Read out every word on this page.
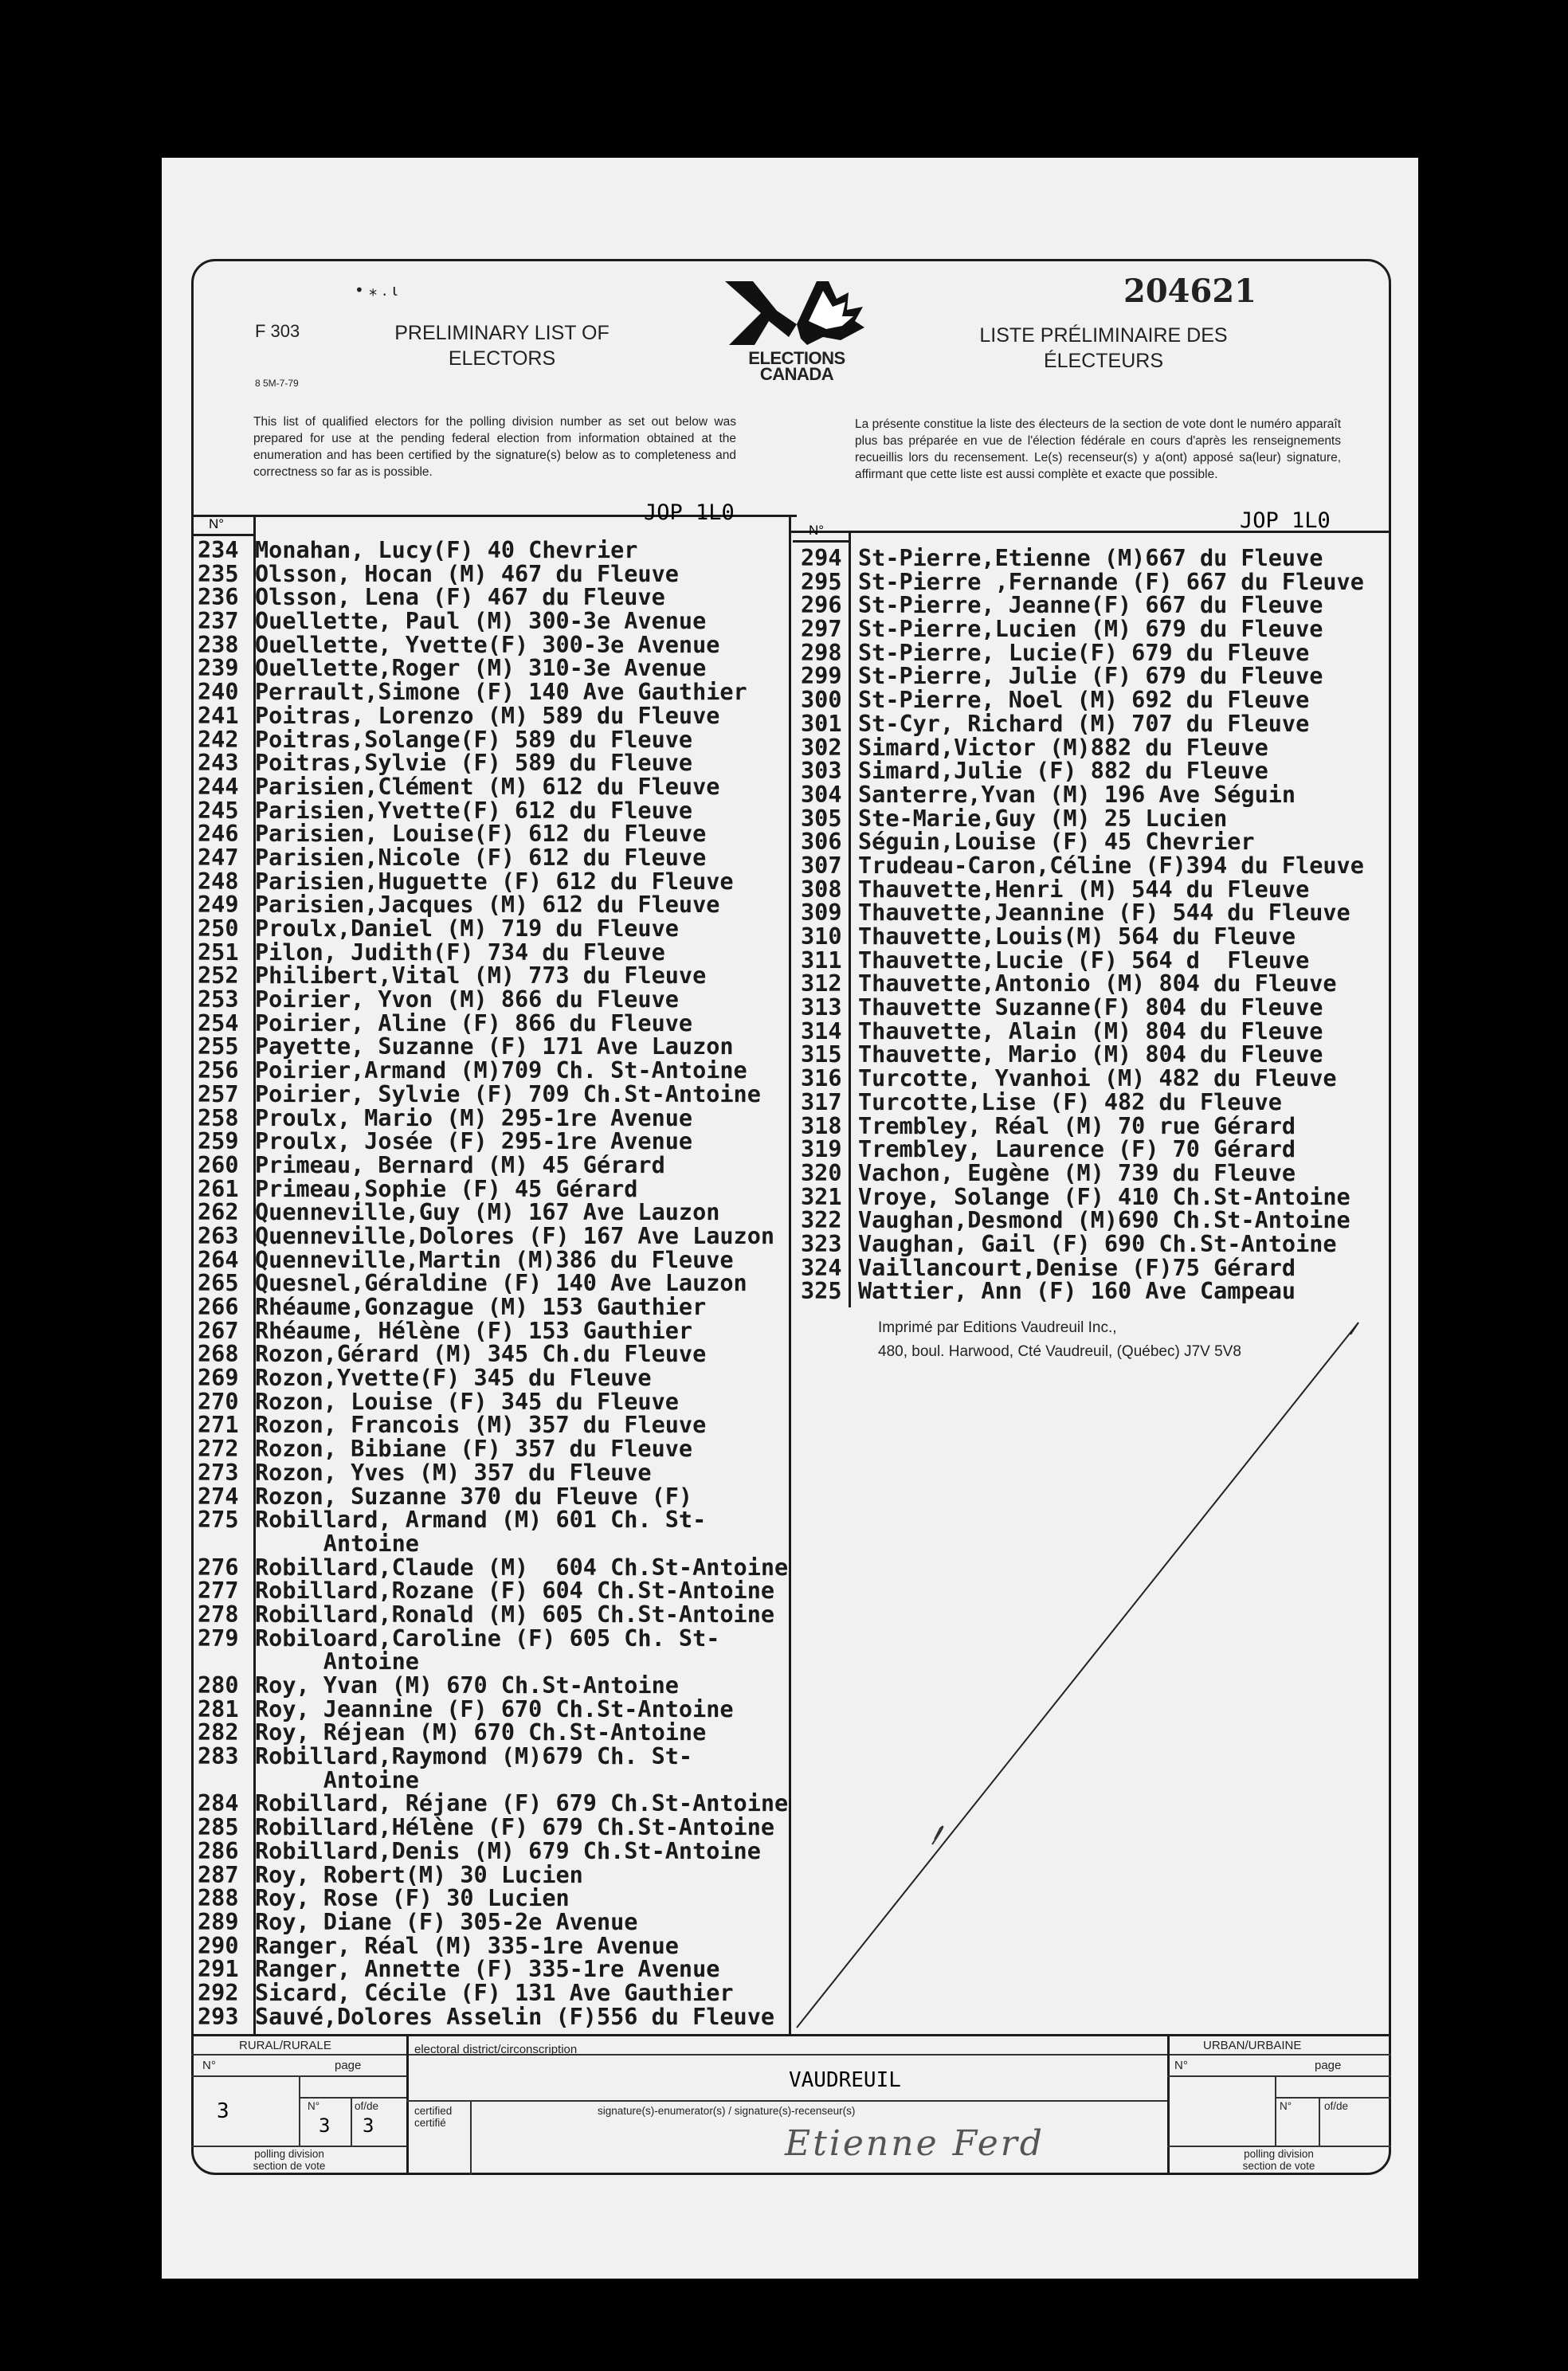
• ⁎ . ɩ	204621
F 303
8 5M-7-79
PRELIMINARY LIST OF ELECTORS
LISTE PRÉLIMINAIRE DES ÉLECTEURS
ELECTIONS CANADA
This list of qualified electors for the polling division number as set out below was prepared for use at the pending federal election from information obtained at the enumeration and has been certified by the signature(s) below as to completeness and correctness so far as is possible.
La présente constitue la liste des électeurs de la section de vote dont le numéro apparaît plus bas préparée en vue de l'élection fédérale en cours d'après les renseignements recueillis lors du recensement. Le(s) recenseur(s) y a(ont) apposé sa(leur) signature, affirmant que cette liste est aussi complète et exacte que possible.
N°	N°
JOP 1L0	JOP 1L0
234 Monahan, Lucy(F) 40 Chevrier
235 Olsson, Hocan (M) 467 du Fleuve
236 Olsson, Lena (F) 467 du Fleuve
237 Ouellette, Paul (M) 300-3e Avenue
238 Ouellette, Yvette(F) 300-3e Avenue
239 Ouellette,Roger (M) 310-3e Avenue
240 Perrault,Simone (F) 140 Ave Gauthier
241 Poitras, Lorenzo (M) 589 du Fleuve
242 Poitras,Solange(F) 589 du Fleuve
243 Poitras,Sylvie (F) 589 du Fleuve
244 Parisien,Clément (M) 612 du Fleuve
245 Parisien,Yvette(F) 612 du Fleuve
246 Parisien, Louise(F) 612 du Fleuve
247 Parisien,Nicole (F) 612 du Fleuve
248 Parisien,Huguette (F) 612 du Fleuve
249 Parisien,Jacques (M) 612 du Fleuve
250 Proulx,Daniel (M) 719 du Fleuve
251 Pilon, Judith(F) 734 du Fleuve
252 Philibert,Vital (M) 773 du Fleuve
253 Poirier, Yvon (M) 866 du Fleuve
254 Poirier, Aline (F) 866 du Fleuve
255 Payette, Suzanne (F) 171 Ave Lauzon
256 Poirier,Armand (M)709 Ch. St-Antoine
257 Poirier, Sylvie (F) 709 Ch.St-Antoine
258 Proulx, Mario (M) 295-1re Avenue
259 Proulx, Josée (F) 295-1re Avenue
260 Primeau, Bernard (M) 45 Gérard
261 Primeau,Sophie (F) 45 Gérard
262 Quenneville,Guy (M) 167 Ave Lauzon
263 Quenneville,Dolores (F) 167 Ave Lauzon
264 Quenneville,Martin (M)386 du Fleuve
265 Quesnel,Géraldine (F) 140 Ave Lauzon
266 Rhéaume,Gonzague (M) 153 Gauthier
267 Rhéaume, Hélène (F) 153 Gauthier
268 Rozon,Gérard (M) 345 Ch.du Fleuve
269 Rozon,Yvette(F) 345 du Fleuve
270 Rozon, Louise (F) 345 du Fleuve
271 Rozon, Francois (M) 357 du Fleuve
272 Rozon, Bibiane (F) 357 du Fleuve
273 Rozon, Yves (M) 357 du Fleuve
274 Rozon, Suzanne 370 du Fleuve (F)
275 Robillard, Armand (M) 601 Ch. St-
Antoine
276 Robillard,Claude (M)  604 Ch.St-Antoine
277 Robillard,Rozane (F) 604 Ch.St-Antoine
278 Robillard,Ronald (M) 605 Ch.St-Antoine
279 Robiloard,Caroline (F) 605 Ch. St-
Antoine
280 Roy, Yvan (M) 670 Ch.St-Antoine
281 Roy, Jeannine (F) 670 Ch.St-Antoine
282 Roy, Réjean (M) 670 Ch.St-Antoine
283 Robillard,Raymond (M)679 Ch. St-
Antoine
284 Robillard, Réjane (F) 679 Ch.St-Antoine
285 Robillard,Hélène (F) 679 Ch.St-Antoine
286 Robillard,Denis (M) 679 Ch.St-Antoine
287 Roy, Robert(M) 30 Lucien
288 Roy, Rose (F) 30 Lucien
289 Roy, Diane (F) 305-2e Avenue
290 Ranger, Réal (M) 335-1re Avenue
291 Ranger, Annette (F) 335-1re Avenue
292 Sicard, Cécile (F) 131 Ave Gauthier
293 Sauvé,Dolores Asselin (F)556 du Fleuve
294 St-Pierre,Etienne (M)667 du Fleuve
295 St-Pierre ,Fernande (F) 667 du Fleuve
296 St-Pierre, Jeanne(F) 667 du Fleuve
297 St-Pierre,Lucien (M) 679 du Fleuve
298 St-Pierre, Lucie(F) 679 du Fleuve
299 St-Pierre, Julie (F) 679 du Fleuve
300 St-Pierre, Noel (M) 692 du Fleuve
301 St-Cyr, Richard (M) 707 du Fleuve
302 Simard,Victor (M)882 du Fleuve
303 Simard,Julie (F) 882 du Fleuve
304 Santerre,Yvan (M) 196 Ave Séguin
305 Ste-Marie,Guy (M) 25 Lucien
306 Séguin,Louise (F) 45 Chevrier
307 Trudeau-Caron,Céline (F)394 du Fleuve
308 Thauvette,Henri (M) 544 du Fleuve
309 Thauvette,Jeannine (F) 544 du Fleuve
310 Thauvette,Louis(M) 564 du Fleuve
311 Thauvette,Lucie (F) 564 d  Fleuve
312 Thauvette,Antonio (M) 804 du Fleuve
313 Thauvette Suzanne(F) 804 du Fleuve
314 Thauvette, Alain (M) 804 du Fleuve
315 Thauvette, Mario (M) 804 du Fleuve
316 Turcotte, Yvanhoi (M) 482 du Fleuve
317 Turcotte,Lise (F) 482 du Fleuve
318 Trembley, Réal (M) 70 rue Gérard
319 Trembley, Laurence (F) 70 Gérard
320 Vachon, Eugène (M) 739 du Fleuve
321 Vroye, Solange (F) 410 Ch.St-Antoine
322 Vaughan,Desmond (M)690 Ch.St-Antoine
323 Vaughan, Gail (F) 690 Ch.St-Antoine
324 Vaillancourt,Denise (F)75 Gérard
325 Wattier, Ann (F) 160 Ave Campeau
Imprimé par Editions Vaudreuil Inc.,
480, boul. Harwood, Cté Vaudreuil, (Québec) J7V 5V8
RURAL/RURALE	electoral district/circonscription	URBAN/URBAINE
VAUDREUIL
N°	page
3	N°	of/de
3 3
certified
certifié
signature(s)-enumerator(s) / signature(s)-recenseur(s)
Etienne Ferd
N°	page
N°	of/de
polling division
section de vote
polling division
section de vote
